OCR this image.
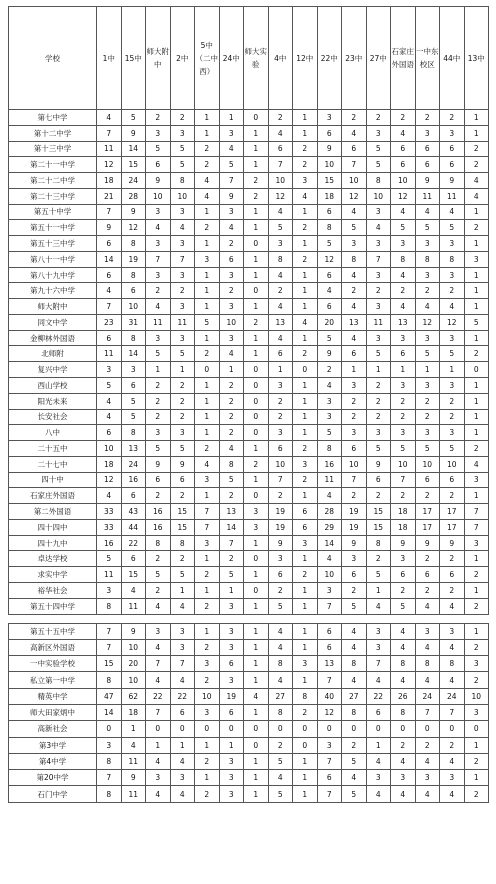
学校	1中	15中	师大附中	2中	5中（二中西）	24中	师大实验	4中	12中	22中	23中	27中	石家庄外国语	一中东校区	44中	13中
第七中学	4	5	2	2	1	1	0	2	1	3	2	2	2	2	2	1
第十二中学	7	9	3	3	1	3	1	4	1	6	4	3	4	3	3	1
第十三中学	11	14	5	5	2	4	1	6	2	9	6	5	6	6	6	2
第二十一中学	12	15	6	5	2	5	1	7	2	10	7	5	6	6	6	2
第二十二中学	18	24	9	8	4	7	2	10	3	15	10	8	10	9	9	4
第二十三中学	21	28	10	10	4	9	2	12	4	18	12	10	12	11	11	4
第五十中学	7	9	3	3	1	3	1	4	1	6	4	3	4	4	4	1
第五十一中学	9	12	4	4	2	4	1	5	2	8	5	4	5	5	5	2
第五十三中学	6	8	3	3	1	2	0	3	1	5	3	3	3	3	3	1
第八十一中学	14	19	7	7	3	6	1	8	2	12	8	7	8	8	8	3
第八十九中学	6	8	3	3	1	3	1	4	1	6	4	3	4	3	3	1
第九十六中学	4	6	2	2	1	2	0	2	1	4	2	2	2	2	2	1
师大附中	7	10	4	3	1	3	1	4	1	6	4	3	4	4	4	1
同文中学	23	31	11	11	5	10	2	13	4	20	13	11	13	12	12	5
金柳林外国语	6	8	3	3	1	3	1	4	1	5	4	3	3	3	3	1
北师附	11	14	5	5	2	4	1	6	2	9	6	5	6	5	5	2
复兴中学	3	3	1	1	0	1	0	1	0	2	1	1	1	1	1	0
西山学校	5	6	2	2	1	2	0	3	1	4	3	2	3	3	3	1
阳光未来	4	5	2	2	1	2	0	2	1	3	2	2	2	2	2	1
长安社会	4	5	2	2	1	2	0	2	1	3	2	2	2	2	2	1
八中	6	8	3	3	1	2	0	3	1	5	3	3	3	3	3	1
二十五中	10	13	5	5	2	4	1	6	2	8	6	5	5	5	5	2
二十七中	18	24	9	9	4	8	2	10	3	16	10	9	10	10	10	4
四十中	12	16	6	6	3	5	1	7	2	11	7	6	7	6	6	3
石家庄外国语	4	6	2	2	1	2	0	2	1	4	2	2	2	2	2	1
第二外国语	33	43	16	15	7	13	3	19	6	28	19	15	18	17	17	7
四十四中	33	44	16	15	7	14	3	19	6	29	19	15	18	17	17	7
四十九中	16	22	8	8	3	7	1	9	3	14	9	8	9	9	9	3
卓达学校	5	6	2	2	1	2	0	3	1	4	3	2	3	2	2	1
求实中学	11	15	5	5	2	5	1	6	2	10	6	5	6	6	6	2
裕华社会	3	4	2	1	1	1	0	2	1	3	2	1	2	2	2	1
第五十四中学	8	11	4	4	2	3	1	5	1	7	5	4	5	4	4	2
第五十五中学	7	9	3	3	1	3	1	4	1	6	4	3	4	3	3	1
高新区外国语	7	10	4	3	2	3	1	4	1	6	4	3	4	4	4	2
一中实验学校	15	20	7	7	3	6	1	8	3	13	8	7	8	8	8	3
私立第一中学	8	10	4	4	2	3	1	4	1	7	4	4	4	4	4	2
精英中学	47	62	22	22	10	19	4	27	8	40	27	22	26	24	24	10
师大田家炳中	14	18	7	6	3	6	1	8	2	12	8	6	8	7	7	3
高新社会	0	1	0	0	0	0	0	0	0	0	0	0	0	0	0	0
第3中学	3	4	1	1	1	1	0	2	0	3	2	1	2	2	2	1
第4中学	8	11	4	4	2	3	1	5	1	7	5	4	4	4	4	2
第20中学	7	9	3	3	1	3	1	4	1	6	4	3	3	3	3	1
石门中学	8	11	4	4	2	3	1	5	1	7	5	4	4	4	4	2
